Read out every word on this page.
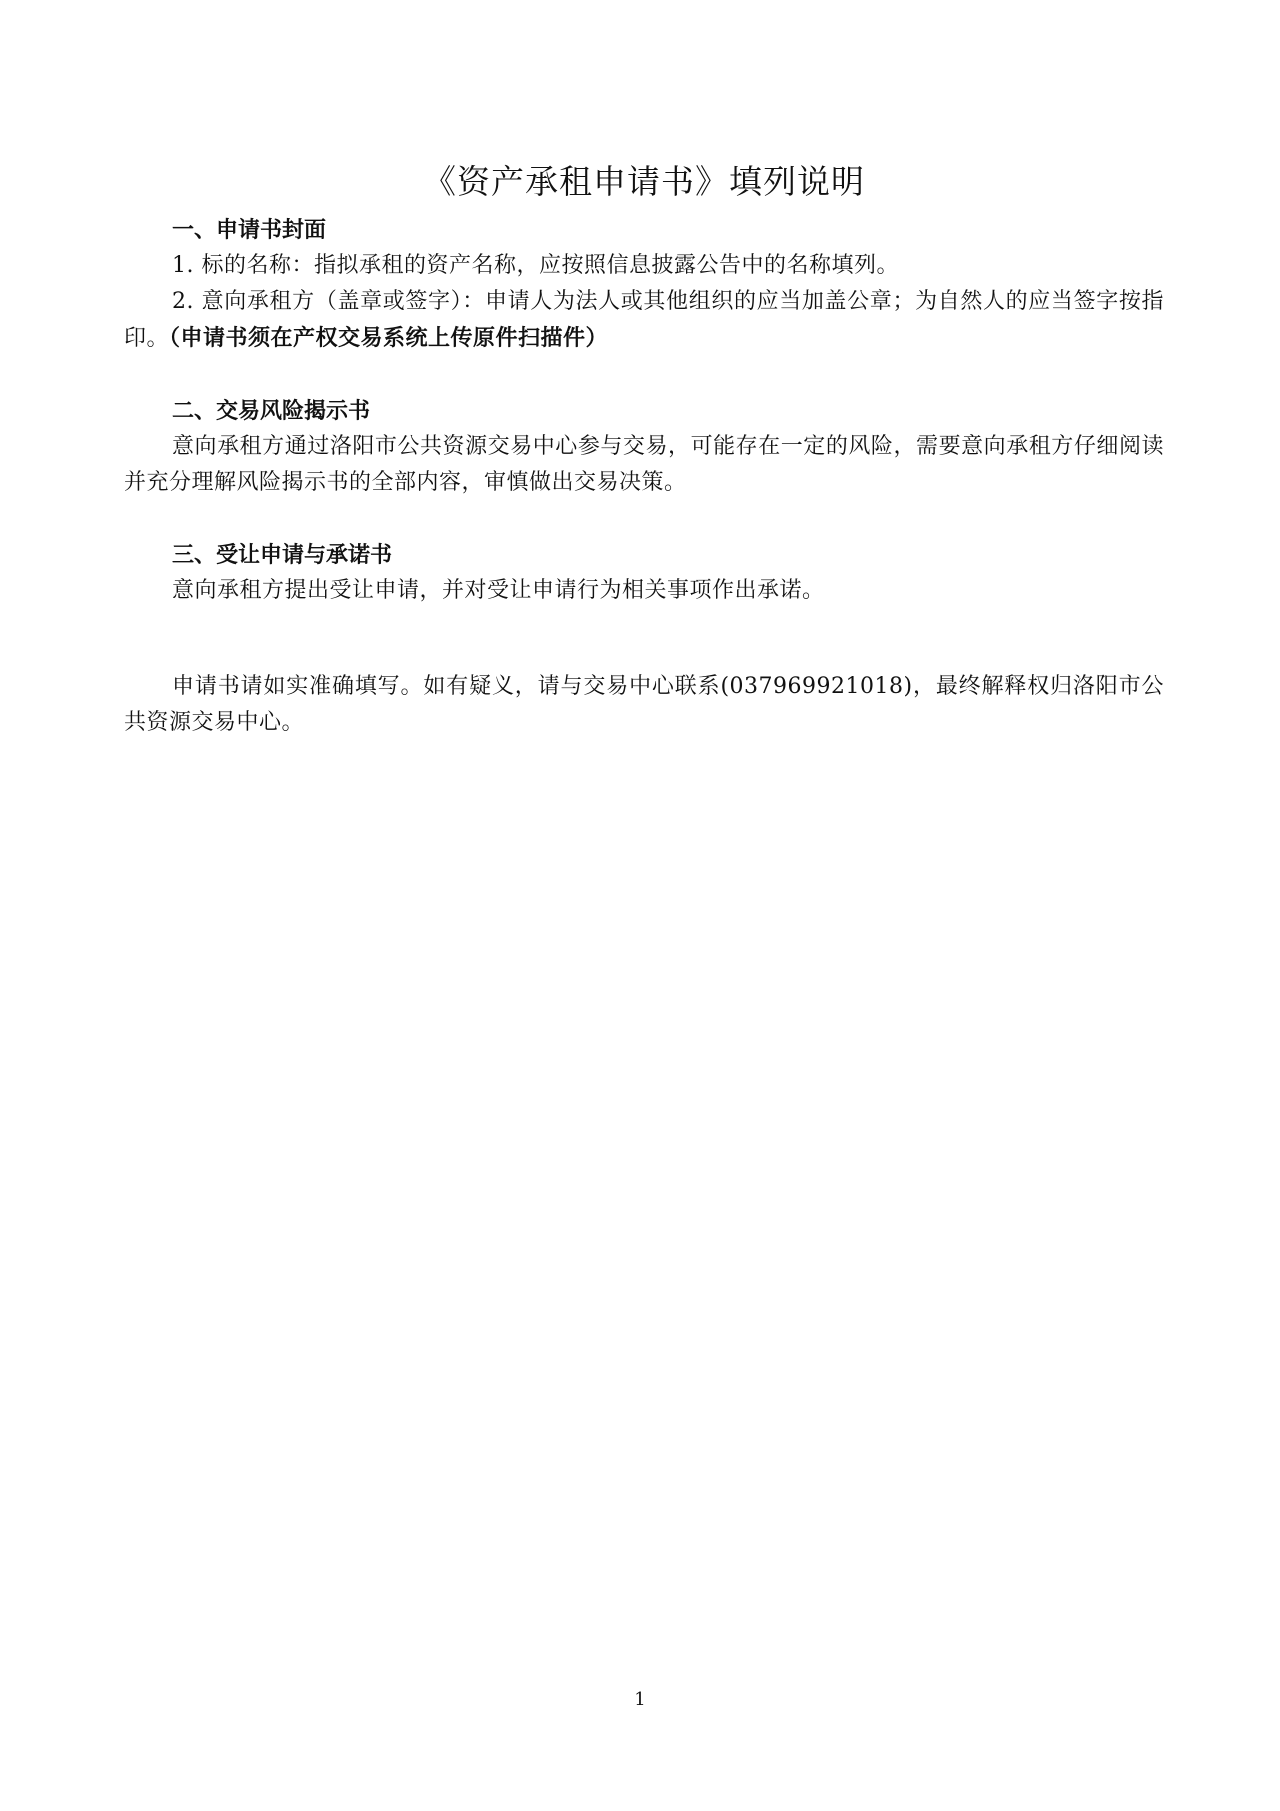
《资产承租申请书》填列说明

一、申请书封面

1. 标的名称：指拟承租的资产名称，应按照信息披露公告中的名称填列。

2. 意向承租方（盖章或签字）：申请人为法人或其他组织的应当加盖公章；为自然人的应当签字按指印。（申请书须在产权交易系统上传原件扫描件）

二、交易风险揭示书

意向承租方通过洛阳市公共资源交易中心参与交易，可能存在一定的风险，需要意向承租方仔细阅读并充分理解风险揭示书的全部内容，审慎做出交易决策。

三、受让申请与承诺书

意向承租方提出受让申请，并对受让申请行为相关事项作出承诺。

申请书请如实准确填写。如有疑义，请与交易中心联系(037969921018)，最终解释权归洛阳市公共资源交易中心。

1
